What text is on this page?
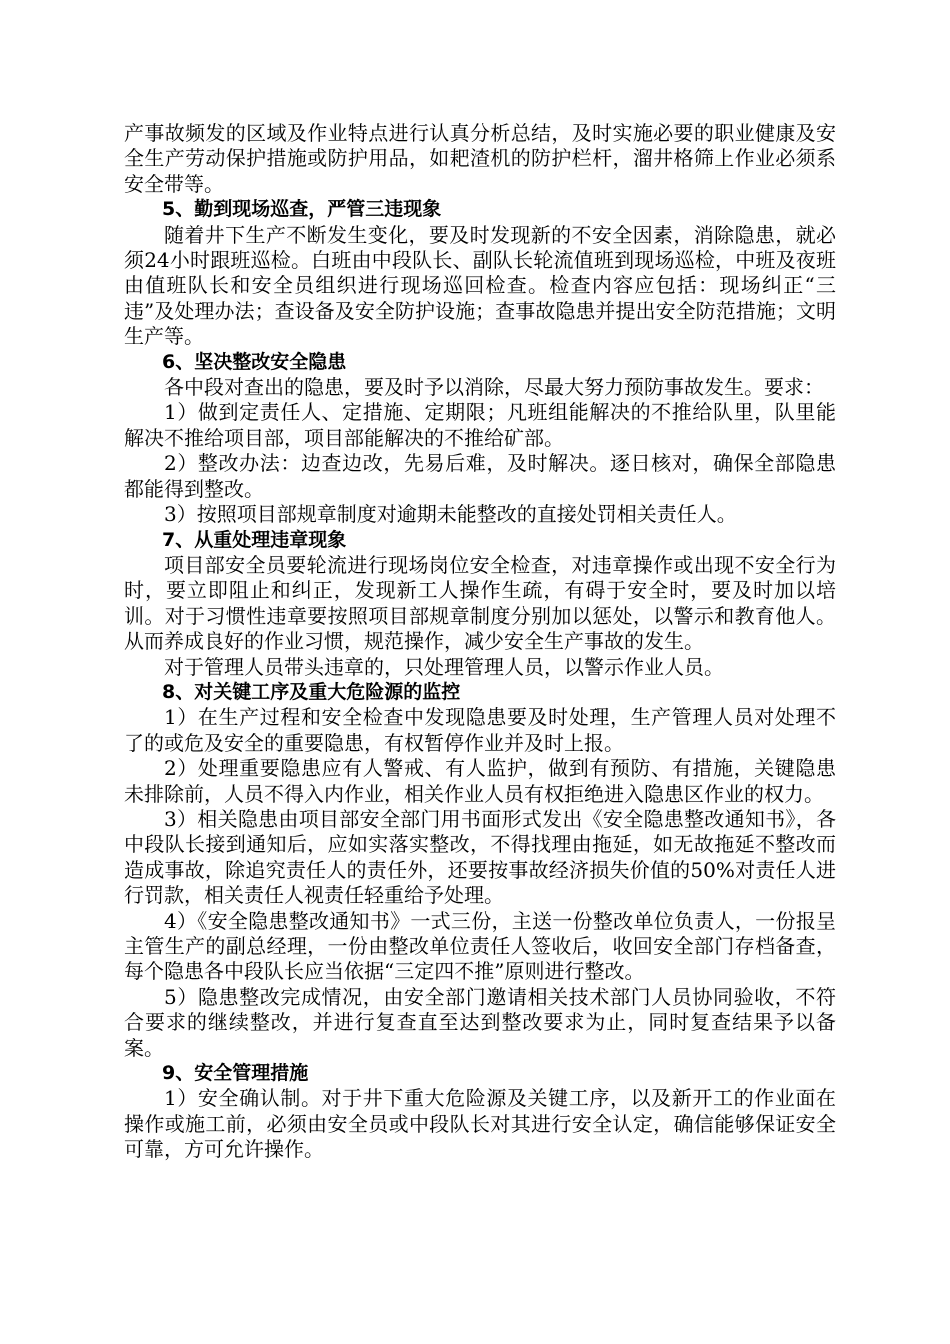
产事故频发的区域及作业特点进行认真分析总结，及时实施必要的职业健康及安全生产劳动保护措施或防护用品，如耙渣机的防护栏杆，溜井格筛上作业必须系安全带等。

5、勤到现场巡查，严管三违现象

随着井下生产不断发生变化，要及时发现新的不安全因素，消除隐患，就必须24小时跟班巡检。白班由中段队长、副队长轮流值班到现场巡检，中班及夜班由值班队长和安全员组织进行现场巡回检查。检查内容应包括：现场纠正“三违”及处理办法；查设备及安全防护设施；查事故隐患并提出安全防范措施；文明生产等。

6、坚决整改安全隐患

各中段对查出的隐患，要及时予以消除，尽最大努力预防事故发生。要求：

1）做到定责任人、定措施、定期限；凡班组能解决的不推给队里，队里能解决不推给项目部，项目部能解决的不推给矿部。

2）整改办法：边查边改，先易后难，及时解决。逐日核对，确保全部隐患都能得到整改。

3）按照项目部规章制度对逾期未能整改的直接处罚相关责任人。

7、从重处理违章现象

项目部安全员要轮流进行现场岗位安全检查，对违章操作或出现不安全行为时，要立即阻止和纠正，发现新工人操作生疏，有碍于安全时，要及时加以培训。对于习惯性违章要按照项目部规章制度分别加以惩处，以警示和教育他人。从而养成良好的作业习惯，规范操作，减少安全生产事故的发生。

对于管理人员带头违章的，只处理管理人员，以警示作业人员。

8、对关键工序及重大危险源的监控

1）在生产过程和安全检查中发现隐患要及时处理，生产管理人员对处理不了的或危及安全的重要隐患，有权暂停作业并及时上报。

2）处理重要隐患应有人警戒、有人监护，做到有预防、有措施，关键隐患未排除前，人员不得入内作业，相关作业人员有权拒绝进入隐患区作业的权力。

3）相关隐患由项目部安全部门用书面形式发出《安全隐患整改通知书》，各中段队长接到通知后，应如实落实整改，不得找理由拖延，如无故拖延不整改而造成事故，除追究责任人的责任外，还要按事故经济损失价值的50%对责任人进行罚款，相关责任人视责任轻重给予处理。

4）《安全隐患整改通知书》一式三份，主送一份整改单位负责人，一份报呈主管生产的副总经理，一份由整改单位责任人签收后，收回安全部门存档备查，每个隐患各中段队长应当依据“三定四不推”原则进行整改。

5）隐患整改完成情况，由安全部门邀请相关技术部门人员协同验收，不符合要求的继续整改，并进行复查直至达到整改要求为止，同时复查结果予以备案。

9、安全管理措施

1）安全确认制。对于井下重大危险源及关键工序，以及新开工的作业面在操作或施工前，必须由安全员或中段队长对其进行安全认定，确信能够保证安全可靠，方可允许操作。
